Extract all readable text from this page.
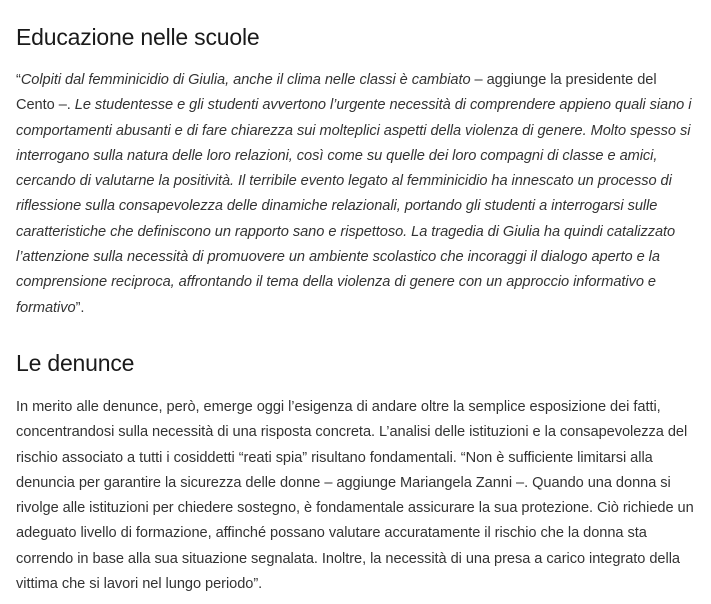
Educazione nelle scuole

“Colpiti dal femminicidio di Giulia, anche il clima nelle classi è cambiato – aggiunge la presidente del Cento –. Le studentesse e gli studenti avvertono l’urgente necessità di comprendere appieno quali siano i comportamenti abusanti e di fare chiarezza sui molteplici aspetti della violenza di genere. Molto spesso si interrogano sulla natura delle loro relazioni, così come su quelle dei loro compagni di classe e amici, cercando di valutarne la positività. Il terribile evento legato al femminicidio ha innescato un processo di riflessione sulla consapevolezza delle dinamiche relazionali, portando gli studenti a interrogarsi sulle caratteristiche che definiscono un rapporto sano e rispettoso. La tragedia di Giulia ha quindi catalizzato l’attenzione sulla necessità di promuovere un ambiente scolastico che incoraggi il dialogo aperto e la comprensione reciproca, affrontando il tema della violenza di genere con un approccio informativo e formativo”.

Le denunce

In merito alle denunce, però, emerge oggi l’esigenza di andare oltre la semplice esposizione dei fatti, concentrandosi sulla necessità di una risposta concreta. L’analisi delle istituzioni e la consapevolezza del rischio associato a tutti i cosiddetti “reati spia” risultano fondamentali. “Non è sufficiente limitarsi alla denuncia per garantire la sicurezza delle donne – aggiunge Mariangela Zanni –. Quando una donna si rivolge alle istituzioni per chiedere sostegno, è fondamentale assicurare la sua protezione. Ciò richiede un adeguato livello di formazione, affinché possano valutare accuratamente il rischio che la donna sta correndo in base alla sua situazione segnalata. Inoltre, la necessità di una presa a carico integrato della vittima che si lavori nel lungo periodo”.
